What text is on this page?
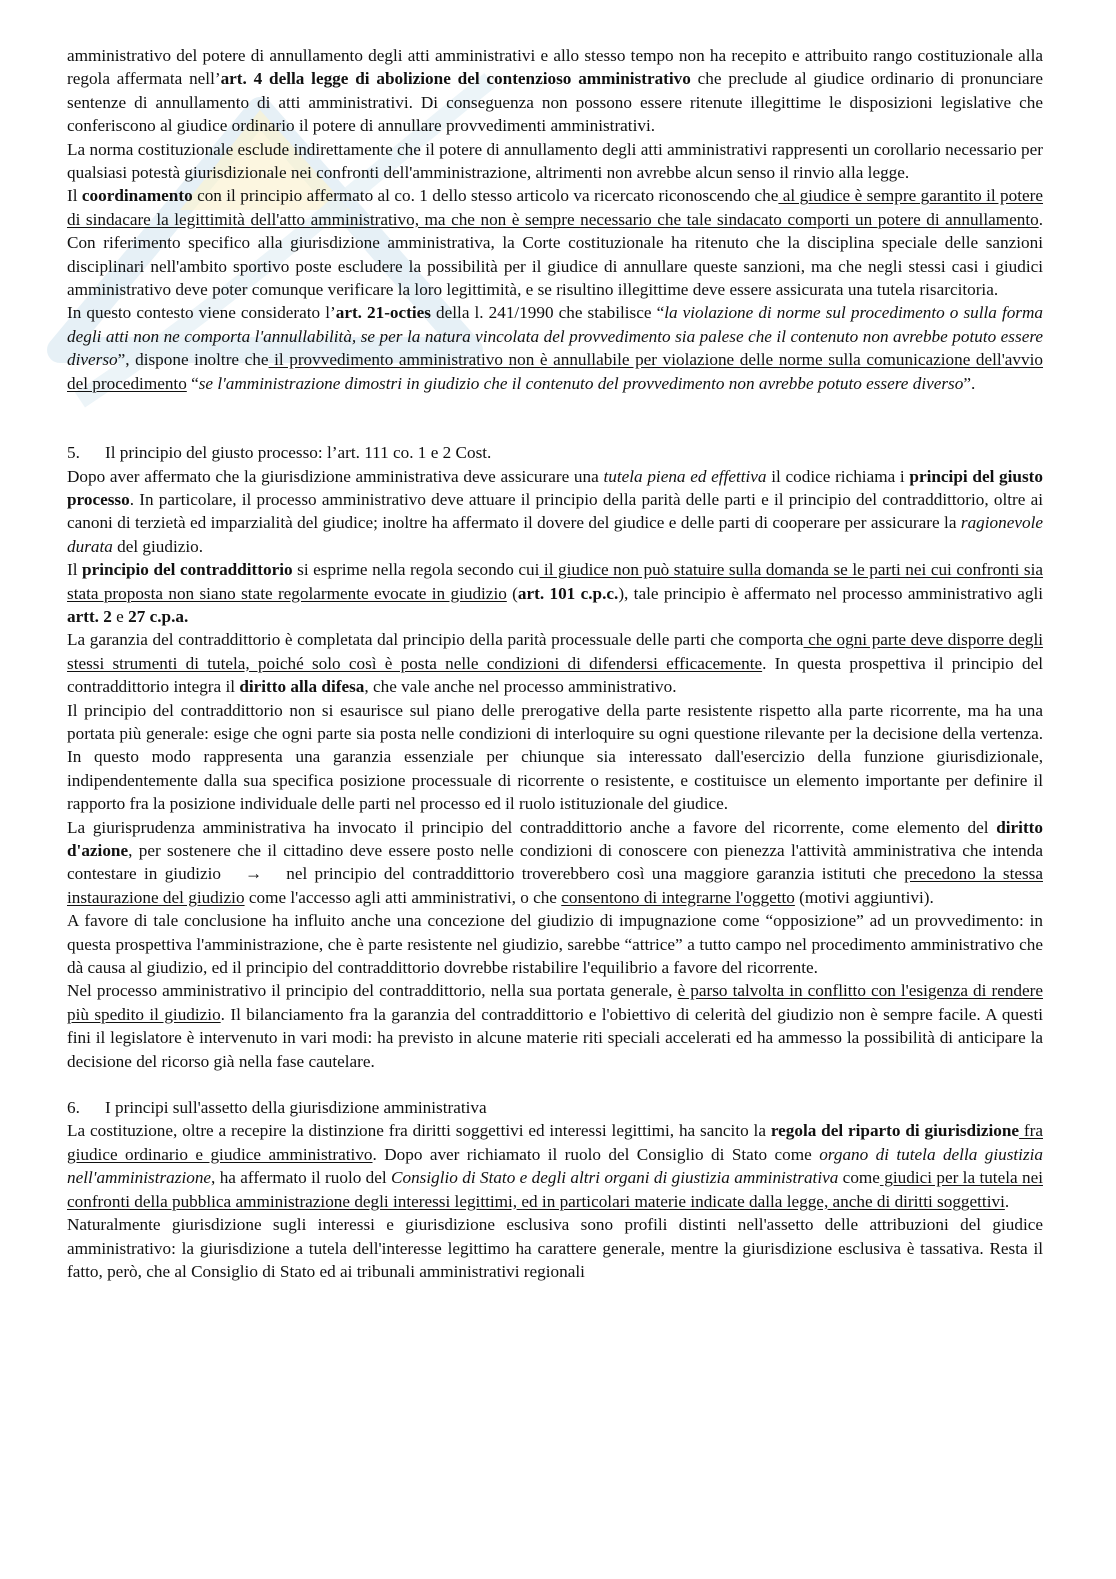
amministrativo del potere di annullamento degli atti amministrativi e allo stesso tempo non ha recepito e attribuito rango costituzionale alla regola affermata nell’art. 4 della legge di abolizione del contenzioso amministrativo che preclude al giudice ordinario di pronunciare sentenze di annullamento di atti amministrativi. Di conseguenza non possono essere ritenute illegittime le disposizioni legislative che conferiscono al giudice ordinario il potere di annullare provvedimenti amministrativi.

La norma costituzionale esclude indirettamente che il potere di annullamento degli atti amministrativi rappresenti un corollario necessario per qualsiasi potestà giurisdizionale nei confronti dell'amministrazione, altrimenti non avrebbe alcun senso il rinvio alla legge.

Il coordinamento con il principio affermato al co. 1 dello stesso articolo va ricercato riconoscendo che al giudice è sempre garantito il potere di sindacare la legittimità dell'atto amministrativo, ma che non è sempre necessario che tale sindacato comporti un potere di annullamento. Con riferimento specifico alla giurisdizione amministrativa, la Corte costituzionale ha ritenuto che la disciplina speciale delle sanzioni disciplinari nell'ambito sportivo poste escludere la possibilità per il giudice di annullare queste sanzioni, ma che negli stessi casi i giudici amministrativo deve poter comunque verificare la loro legittimità, e se risultino illegittime deve essere assicurata una tutela risarcitoria.

In questo contesto viene considerato l’art. 21-octies della l. 241/1990 che stabilisce “la violazione di norme sul procedimento o sulla forma degli atti non ne comporta l'annullabilità, se per la natura vincolata del provvedimento sia palese che il contenuto non avrebbe potuto essere diverso”, dispone inoltre che il provvedimento amministrativo non è annullabile per violazione delle norme sulla comunicazione dell'avvio del procedimento “se l'amministrazione dimostri in giudizio che il contenuto del provvedimento non avrebbe potuto essere diverso”.

5. Il principio del giusto processo: l’art. 111 co. 1 e 2 Cost.

Dopo aver affermato che la giurisdizione amministrativa deve assicurare una tutela piena ed effettiva il codice richiama i principi del giusto processo. In particolare, il processo amministrativo deve attuare il principio della parità delle parti e il principio del contraddittorio, oltre ai canoni di terzietà ed imparzialità del giudice; inoltre ha affermato il dovere del giudice e delle parti di cooperare per assicurare la ragionevole durata del giudizio.

Il principio del contraddittorio si esprime nella regola secondo cui il giudice non può statuire sulla domanda se le parti nei cui confronti sia stata proposta non siano state regolarmente evocate in giudizio (art. 101 c.p.c.), tale principio è affermato nel processo amministrativo agli artt. 2 e 27 c.p.a.

La garanzia del contraddittorio è completata dal principio della parità processuale delle parti che comporta che ogni parte deve disporre degli stessi strumenti di tutela, poiché solo così è posta nelle condizioni di difendersi efficacemente. In questa prospettiva il principio del contraddittorio integra il diritto alla difesa, che vale anche nel processo amministrativo.

Il principio del contraddittorio non si esaurisce sul piano delle prerogative della parte resistente rispetto alla parte ricorrente, ma ha una portata più generale: esige che ogni parte sia posta nelle condizioni di interloquire su ogni questione rilevante per la decisione della vertenza. In questo modo rappresenta una garanzia essenziale per chiunque sia interessato dall'esercizio della funzione giurisdizionale, indipendentemente dalla sua specifica posizione processuale di ricorrente o resistente, e costituisce un elemento importante per definire il rapporto fra la posizione individuale delle parti nel processo ed il ruolo istituzionale del giudice.

La giurisprudenza amministrativa ha invocato il principio del contraddittorio anche a favore del ricorrente, come elemento del diritto d'azione, per sostenere che il cittadino deve essere posto nelle condizioni di conoscere con pienezza l'attività amministrativa che intenda contestare in giudizio → nel principio del contraddittorio troverebbero così una maggiore garanzia istituti che precedono la stessa instaurazione del giudizio come l'accesso agli atti amministrativi, o che consentono di integrarne l'oggetto (motivi aggiuntivi).

A favore di tale conclusione ha influito anche una concezione del giudizio di impugnazione come “opposizione” ad un provvedimento: in questa prospettiva l'amministrazione, che è parte resistente nel giudizio, sarebbe “attrice” a tutto campo nel procedimento amministrativo che dà causa al giudizio, ed il principio del contraddittorio dovrebbe ristabilire l'equilibrio a favore del ricorrente.

Nel processo amministrativo il principio del contraddittorio, nella sua portata generale, è parso talvolta in conflitto con l'esigenza di rendere più spedito il giudizio. Il bilanciamento fra la garanzia del contraddittorio e l'obiettivo di celerità del giudizio non è sempre facile. A questi fini il legislatore è intervenuto in vari modi: ha previsto in alcune materie riti speciali accelerati ed ha ammesso la possibilità di anticipare la decisione del ricorso già nella fase cautelare.

6. I principi sull'assetto della giurisdizione amministrativa

La costituzione, oltre a recepire la distinzione fra diritti soggettivi ed interessi legittimi, ha sancito la regola del riparto di giurisdizione fra giudice ordinario e giudice amministrativo. Dopo aver richiamato il ruolo del Consiglio di Stato come organo di tutela della giustizia nell'amministrazione, ha affermato il ruolo del Consiglio di Stato e degli altri organi di giustizia amministrativa come giudici per la tutela nei confronti della pubblica amministrazione degli interessi legittimi, ed in particolari materie indicate dalla legge, anche di diritti soggettivi.

Naturalmente giurisdizione sugli interessi e giurisdizione esclusiva sono profili distinti nell'assetto delle attribuzioni del giudice amministrativo: la giurisdizione a tutela dell'interesse legittimo ha carattere generale, mentre la giurisdizione esclusiva è tassativa. Resta il fatto, però, che al Consiglio di Stato ed ai tribunali amministrativi regionali
